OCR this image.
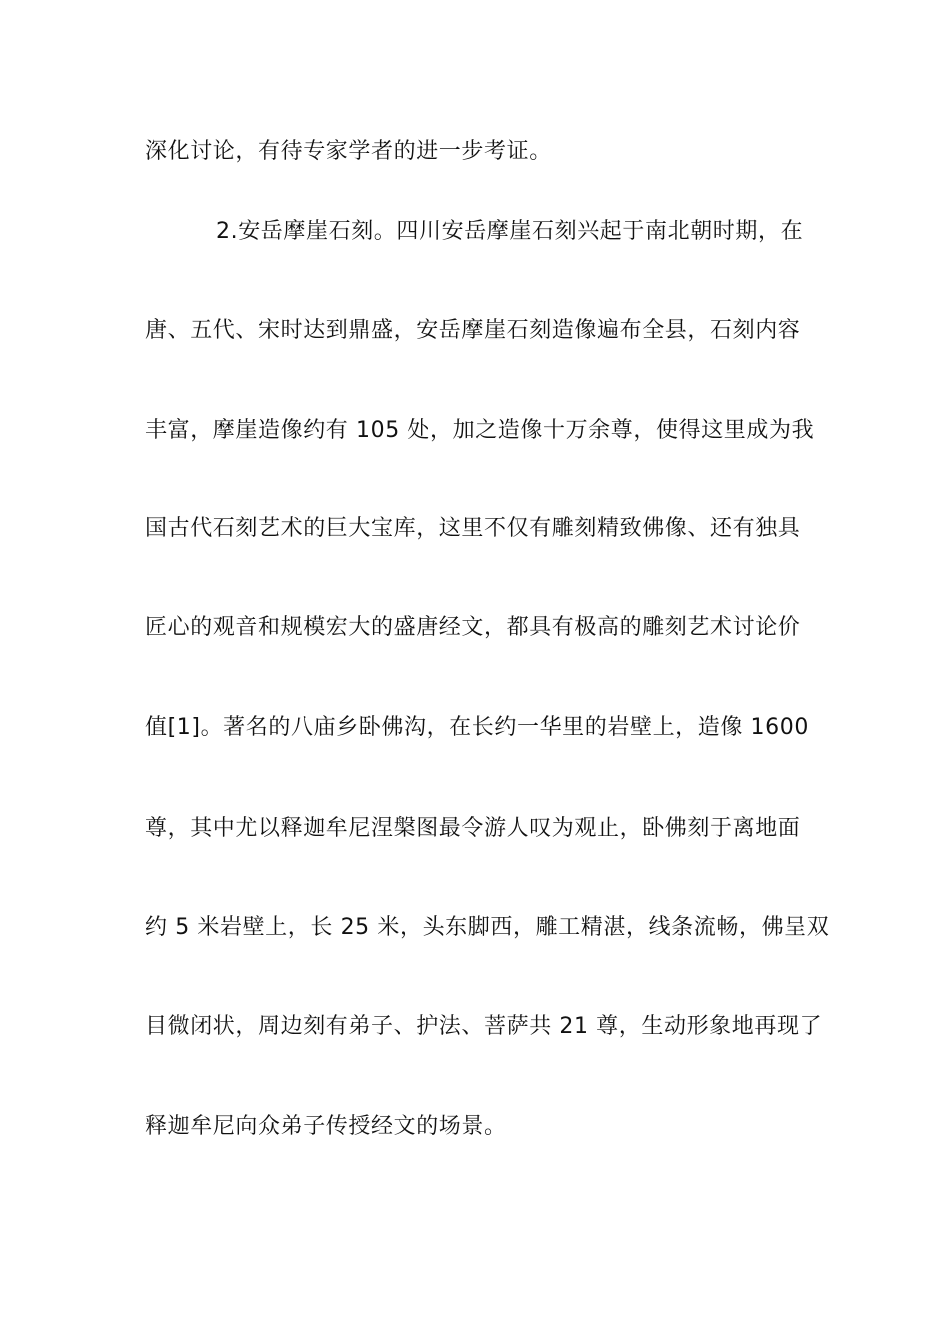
深化讨论，有待专家学者的进一步考证。
2.安岳摩崖石刻。四川安岳摩崖石刻兴起于南北朝时期，在
唐、五代、宋时达到鼎盛，安岳摩崖石刻造像遍布全县，石刻内容
丰富，摩崖造像约有 105 处，加之造像十万余尊，使得这里成为我
国古代石刻艺术的巨大宝库，这里不仅有雕刻精致佛像、还有独具
匠心的观音和规模宏大的盛唐经文，都具有极高的雕刻艺术讨论价
值[1]。著名的八庙乡卧佛沟，在长约一华里的岩壁上，造像 1600
尊，其中尤以释迦牟尼涅槃图最令游人叹为观止，卧佛刻于离地面
约 5 米岩壁上，长 25 米，头东脚西，雕工精湛，线条流畅，佛呈双
目微闭状，周边刻有弟子、护法、菩萨共 21 尊，生动形象地再现了
释迦牟尼向众弟子传授经文的场景。
